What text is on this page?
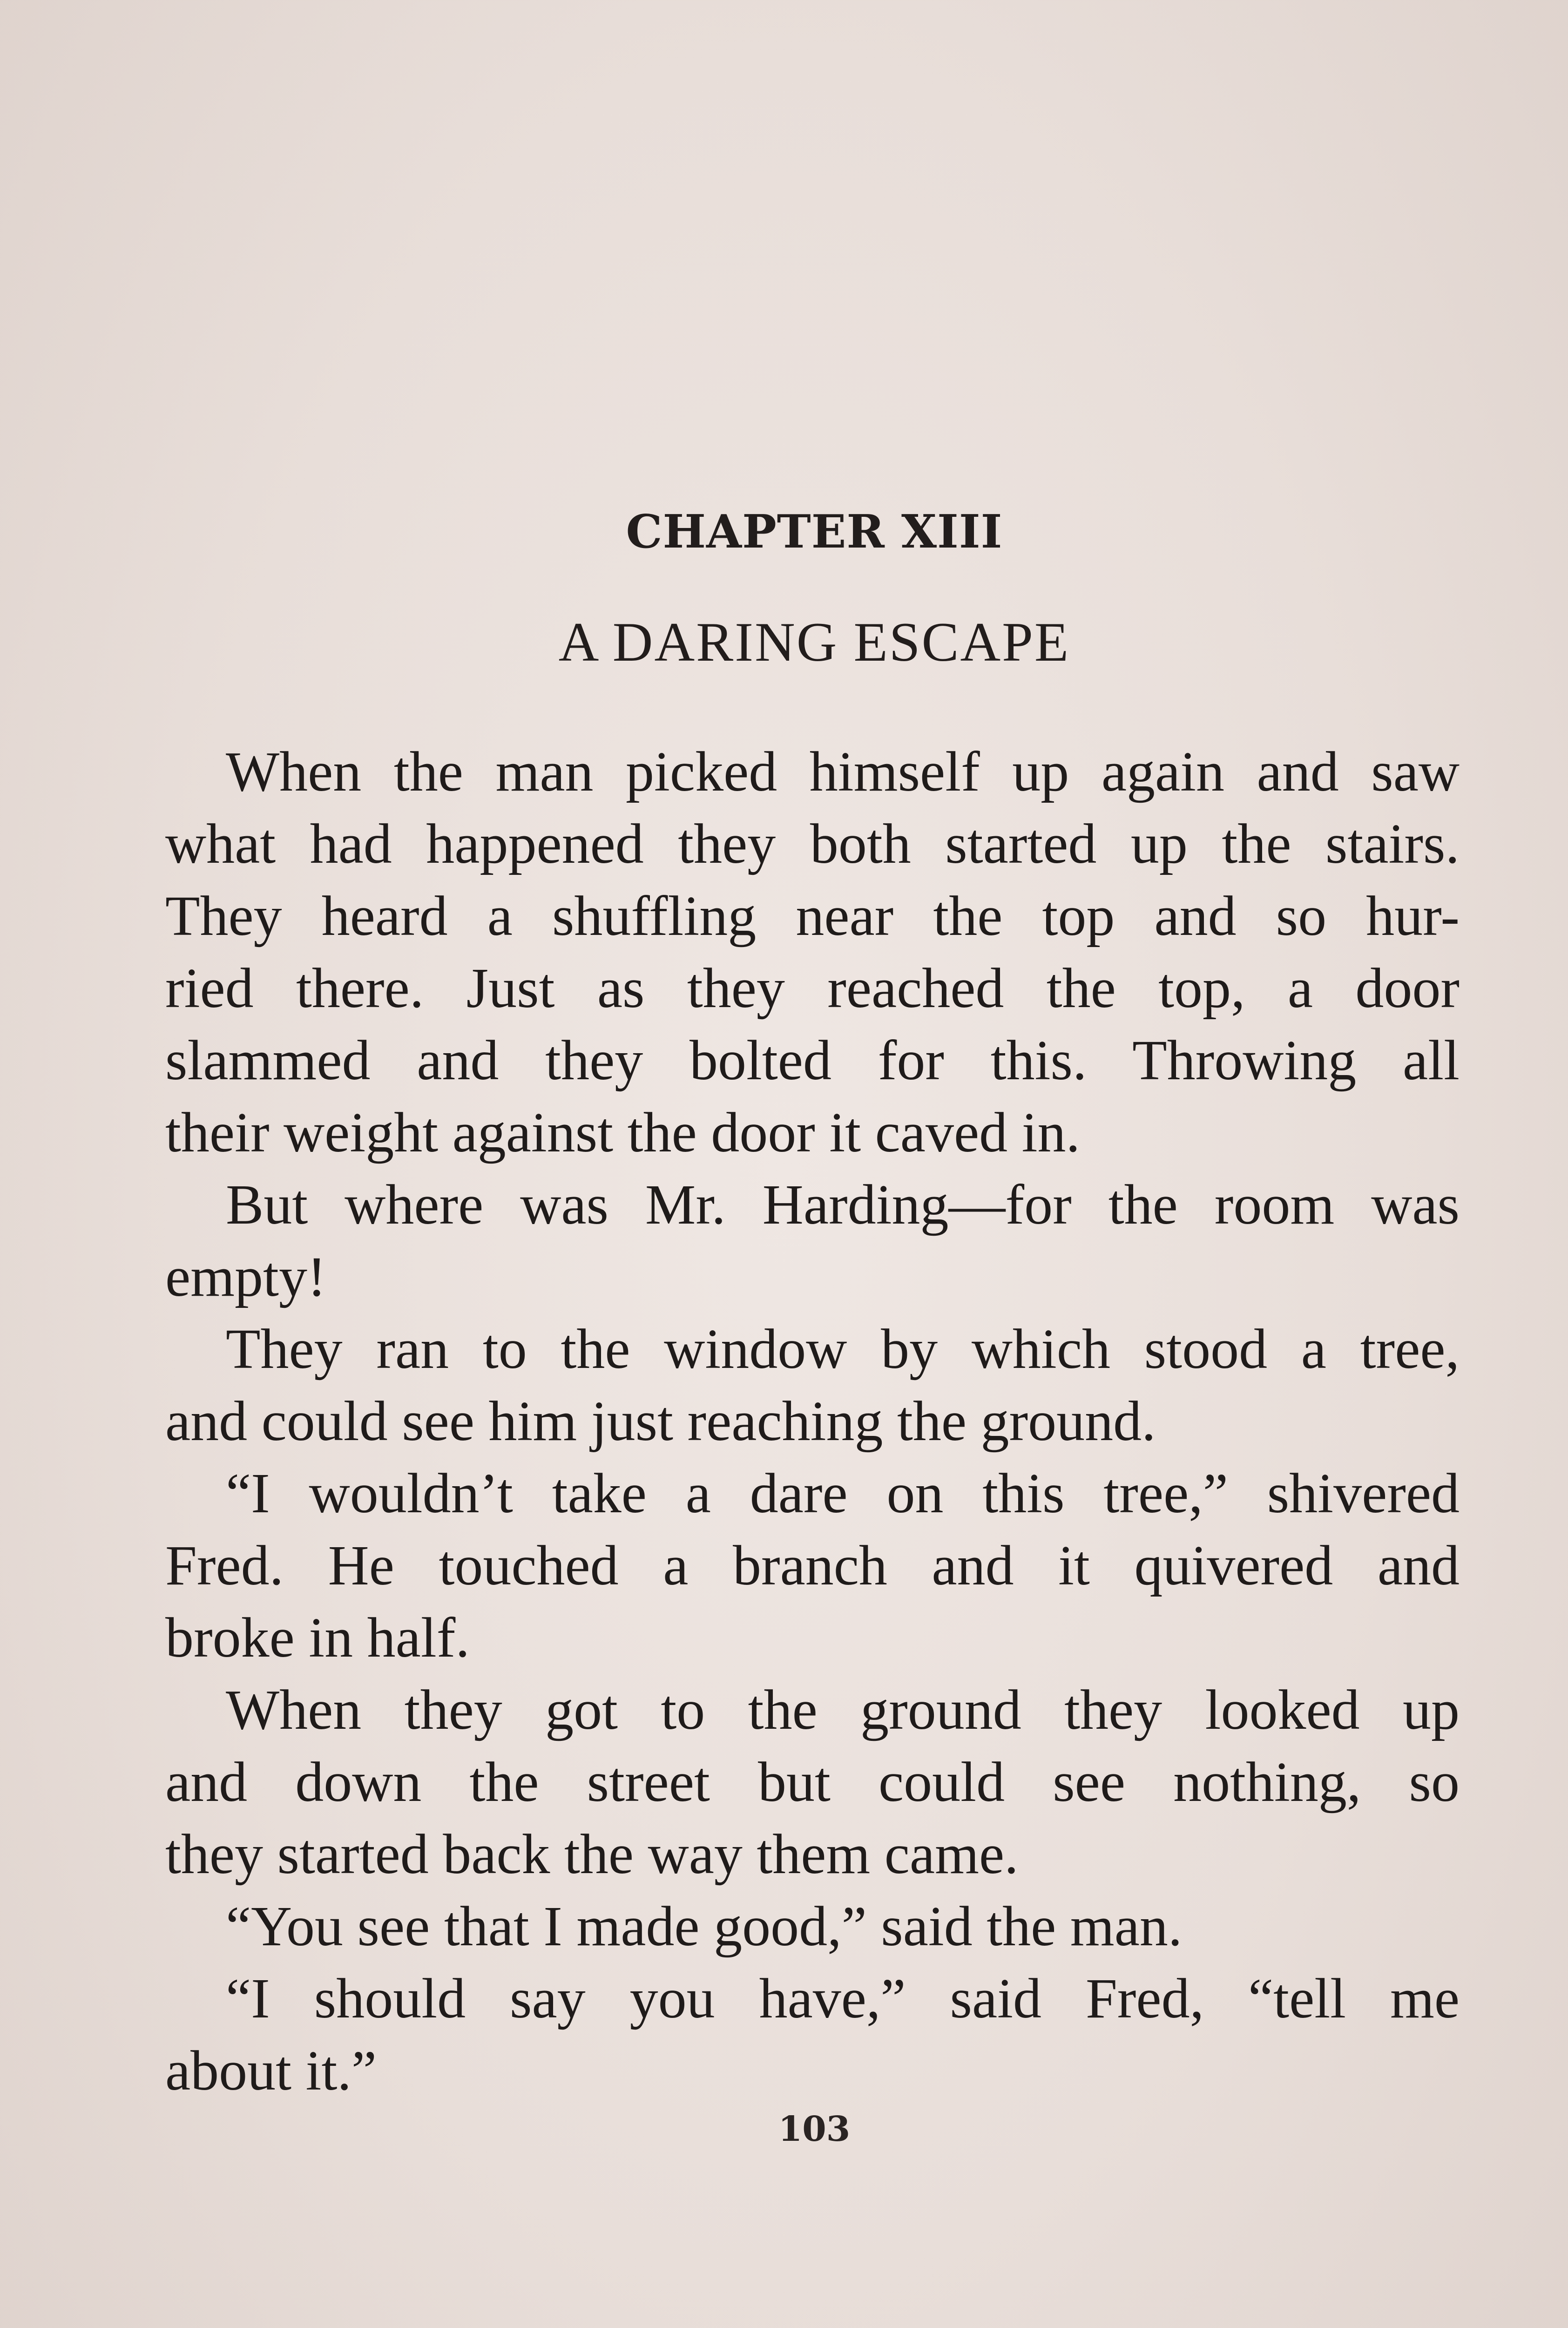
CHAPTER XIII
A DARING ESCAPE
When the man picked himself up again and saw
what had happened they both started up the stairs.
They heard a shuffling near the top and so hur-
ried there. Just as they reached the top, a door
slammed and they bolted for this. Throwing all
their weight against the door it caved in.
But where was Mr. Harding—for the room was
empty!
They ran to the window by which stood a tree,
and could see him just reaching the ground.
“I wouldn’t take a dare on this tree,” shivered
Fred. He touched a branch and it quivered and
broke in half.
When they got to the ground they looked up
and down the street but could see nothing, so
they started back the way them came.
“You see that I made good,” said the man.
“I should say you have,” said Fred, “tell me
about it.”
103
